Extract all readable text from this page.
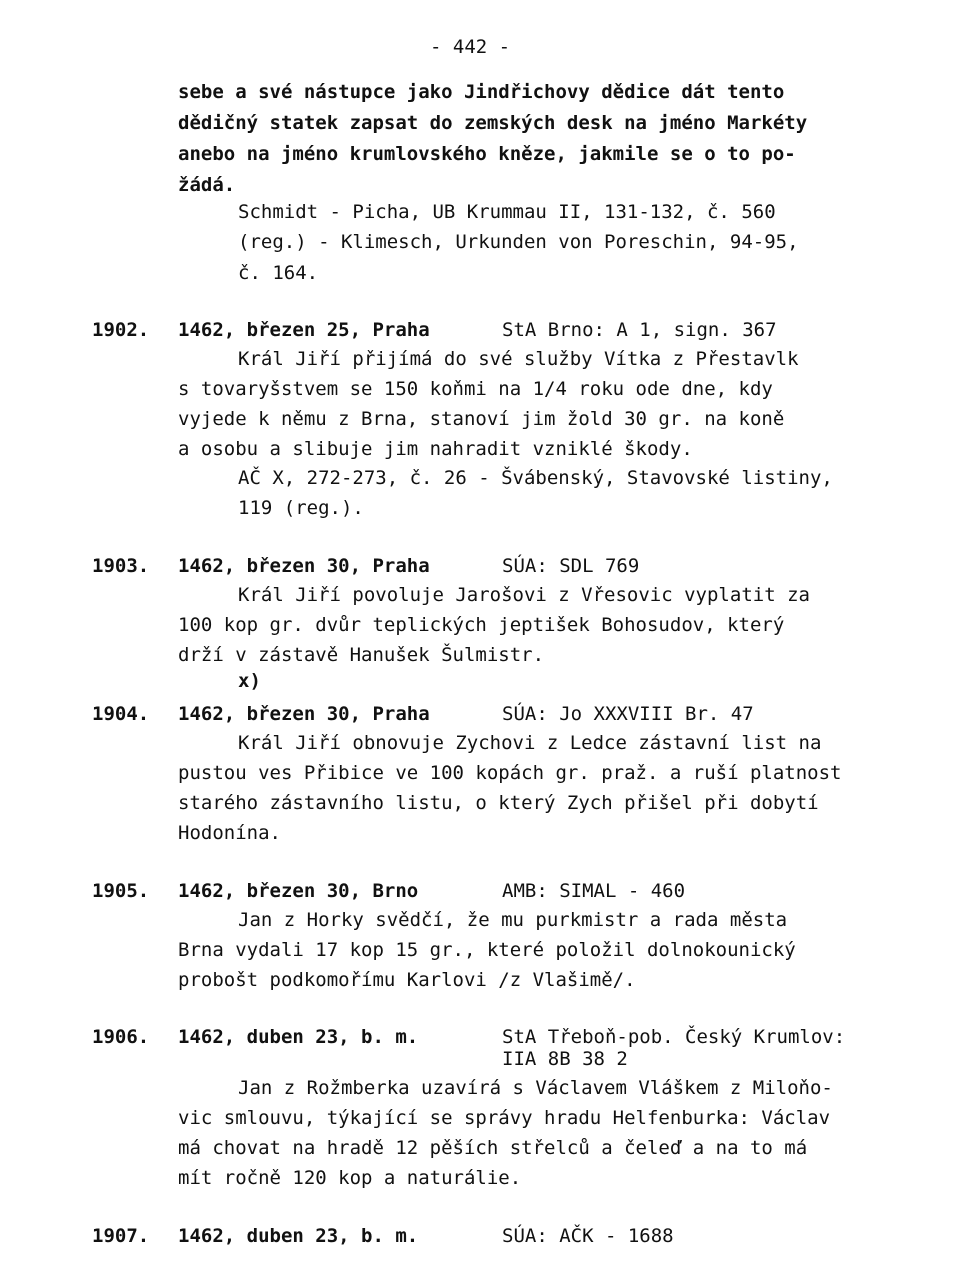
- 442 -
sebe a své nástupce jako Jindřichovy dědice dát tento
dědičný statek zapsat do zemských desk na jméno Markéty
anebo na jméno krumlovského kněze, jakmile se o to po-
žádá.
Schmidt - Picha, UB Krummau II, 131-132, č. 560
(reg.) - Klimesch, Urkunden von Poreschin, 94-95,
č. 164.
1902. 1462, březen 25, Praha	StA Brno: A 1, sign. 367
Král Jiří přijímá do své služby Vítka z Přestavlk
s tovaryšstvem se 150 koňmi na 1/4 roku ode dne, kdy
vyjede k němu z Brna, stanoví jim žold 30 gr. na koně
a osobu a slibuje jim nahradit vzniklé škody.
AČ X, 272-273, č. 26 - Švábenský, Stavovské listiny,
119 (reg.).
1903. 1462, březen 30, Praha	SÚA: SDL 769
Král Jiří povoluje Jarošovi z Vřesovic vyplatit za
100 kop gr. dvůr teplických jeptišek Bohosudov, který
drží v zástavě Hanušek Šulmistr.
x)
1904. 1462, březen 30, Praha	SÚA: Jo XXXVIII Br. 47
Král Jiří obnovuje Zychovi z Ledce zástavní list na
pustou ves Přibice ve 100 kopách gr. praž. a ruší platnost
starého zástavního listu, o který Zych přišel při dobytí
Hodonína.
1905. 1462, březen 30, Brno	AMB: SIMAL - 460
Jan z Horky svědčí, že mu purkmistr a rada města
Brna vydali 17 kop 15 gr., které položil dolnokounický
probošt podkomořímu Karlovi /z Vlašimě/.
1906. 1462, duben 23, b. m.	StA Třeboň-pob. Český Krumlov:
IIA 8B 38 2
Jan z Rožmberka uzavírá s Václavem Vláškem z Miloňo-
vic smlouvu, týkající se správy hradu Helfenburka: Václav
má chovat na hradě 12 pěších střelců a čeleď a na to má
mít ročně 120 kop a naturálie.
1907. 1462, duben 23, b. m.	SÚA: AČK - 1688
